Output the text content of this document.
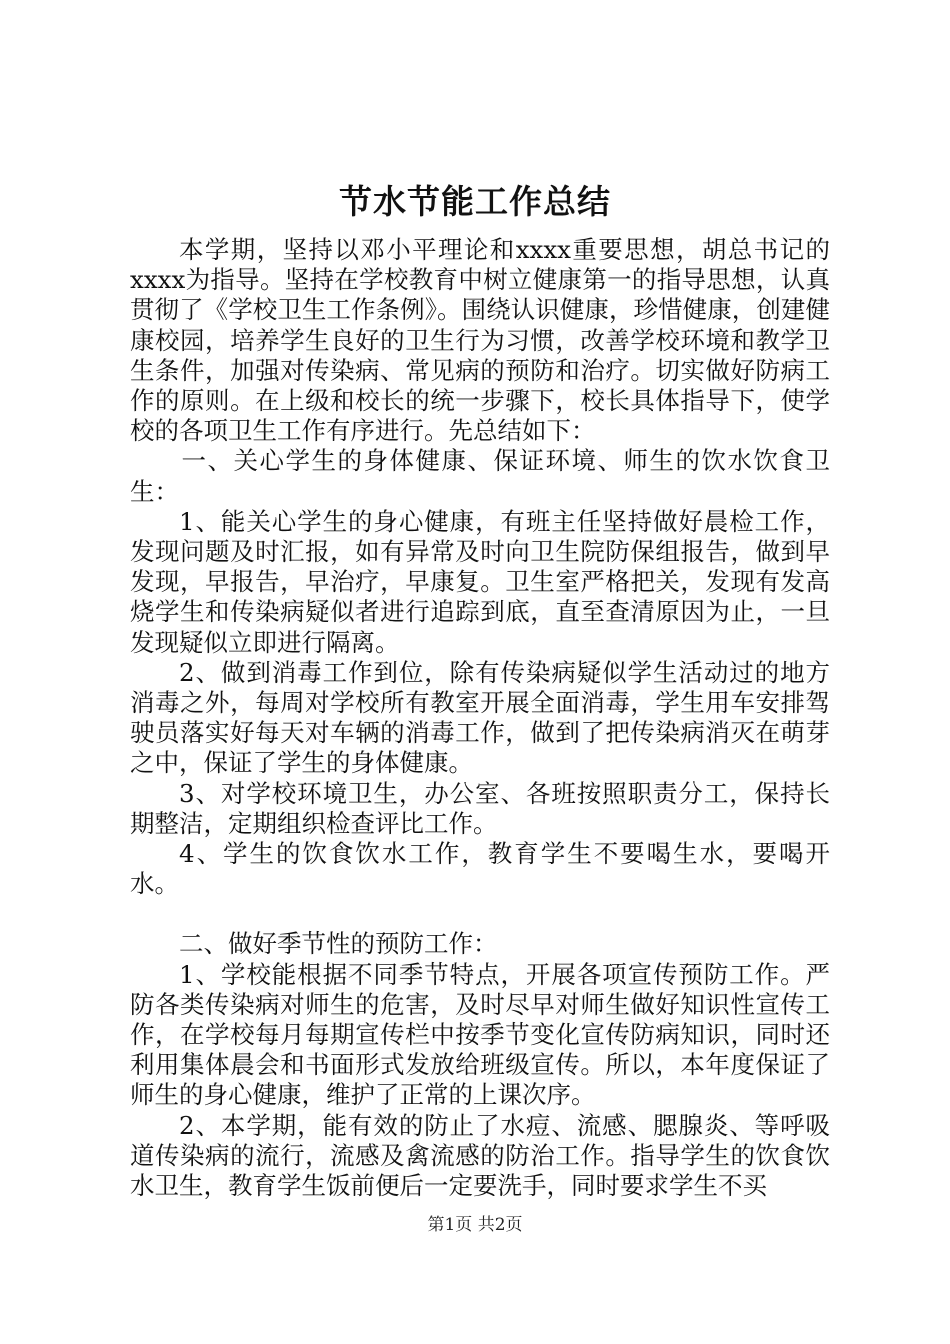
节水节能工作总结

本学期，坚持以邓小平理论和xxxx重要思想，胡总书记的xxxx为指导。坚持在学校教育中树立健康第一的指导思想，认真贯彻了《学校卫生工作条例》。围绕认识健康，珍惜健康，创建健康校园，培养学生良好的卫生行为习惯，改善学校环境和教学卫生条件，加强对传染病、常见病的预防和治疗。切实做好防病工作的原则。在上级和校长的统一步骤下，校长具体指导下，使学校的各项卫生工作有序进行。先总结如下：

一、关心学生的身体健康、保证环境、师生的饮水饮食卫生：

1、能关心学生的身心健康，有班主任坚持做好晨检工作，发现问题及时汇报，如有异常及时向卫生院防保组报告，做到早发现，早报告，早治疗，早康复。卫生室严格把关，发现有发高烧学生和传染病疑似者进行追踪到底，直至查清原因为止，一旦发现疑似立即进行隔离。

2、做到消毒工作到位，除有传染病疑似学生活动过的地方消毒之外，每周对学校所有教室开展全面消毒，学生用车安排驾驶员落实好每天对车辆的消毒工作，做到了把传染病消灭在萌芽之中，保证了学生的身体健康。

3、对学校环境卫生，办公室、各班按照职责分工，保持长期整洁，定期组织检查评比工作。

4、学生的饮食饮水工作，教育学生不要喝生水，要喝开水。

二、做好季节性的预防工作：

1、学校能根据不同季节特点，开展各项宣传预防工作。严防各类传染病对师生的危害，及时尽早对师生做好知识性宣传工作，在学校每月每期宣传栏中按季节变化宣传防病知识，同时还利用集体晨会和书面形式发放给班级宣传。所以，本年度保证了师生的身心健康，维护了正常的上课次序。

2、本学期，能有效的防止了水痘、流感、腮腺炎、等呼吸道传染病的流行，流感及禽流感的防治工作。指导学生的饮食饮水卫生，教育学生饭前便后一定要洗手，同时要求学生不买

第1页 共2页
